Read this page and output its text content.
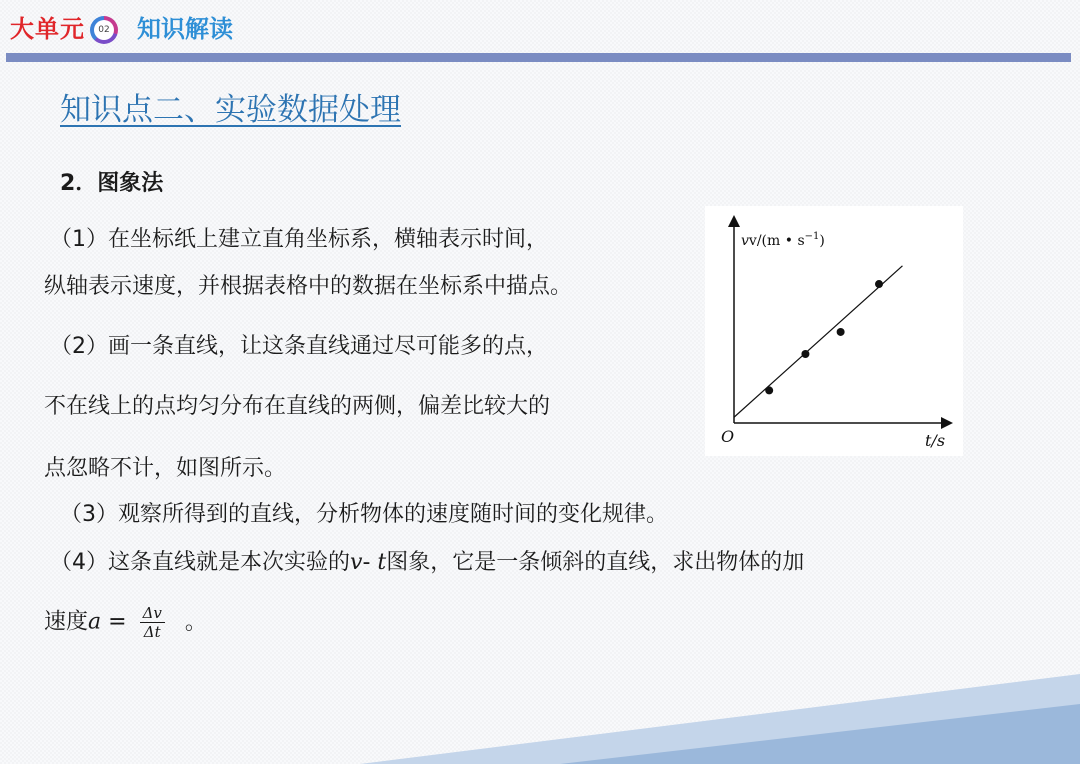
大单元	02 知识解读
知识点二、实验数据处理
2．图象法
（1）在坐标纸上建立直角坐标系，横轴表示时间，
纵轴表示速度，并根据表格中的数据在坐标系中描点。
（2）画一条直线，让这条直线通过尽可能多的点，
不在线上的点均匀分布在直线的两侧，偏差比较大的
点忽略不计，如图所示。
（3）观察所得到的直线，分析物体的速度随时间的变化规律。
（4）这条直线就是本次实验的v- t图象，它是一条倾斜的直线，求出物体的加
速度$a = \frac{\Delta v}{\Delta t}$ 。
vv/(m • $s^{-1}$)
O	t/s
